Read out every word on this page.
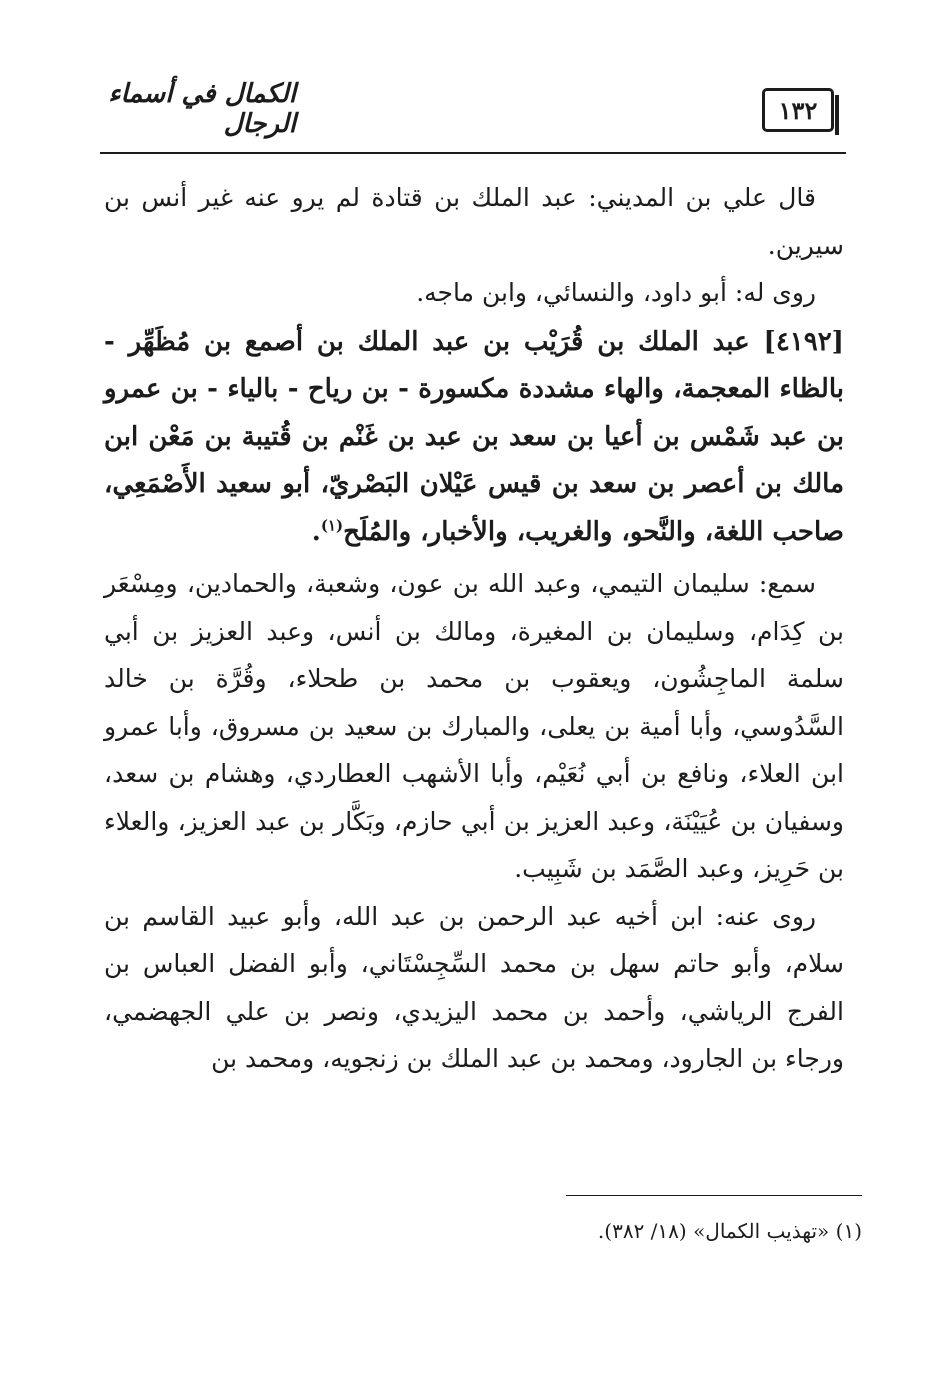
١٣٢
الكمال في أسماء الرجال

قال علي بن المديني: عبد الملك بن قتادة لم يرو عنه غير أنس بن سيرين.

روى له: أبو داود، والنسائي، وابن ماجه.

[٤١٩٢] عبد الملك بن قُرَيْب بن عبد الملك بن أصمع بن مُظَهِّر - بالظاء المعجمة، والهاء مشددة مكسورة - بن رياح - بالياء - بن عمرو بن عبد شَمْس بن أعيا بن سعد بن عبد بن غَنْم بن قُتيبة بن مَعْن ابن مالك بن أعصر بن سعد بن قيس عَيْلان البَصْريّ، أبو سعيد الأَصْمَعِي، صاحب اللغة، والنَّحو، والغريب، والأخبار، والمُلَح$^{(١)}$.

سمع: سليمان التيمي، وعبد الله بن عون، وشعبة، والحمادين، ومِسْعَر بن كِدَام، وسليمان بن المغيرة، ومالك بن أنس، وعبد العزيز بن أبي سلمة الماجِشُون، ويعقوب بن محمد بن طحلاء، وقُرَّة بن خالد السَّدُوسي، وأبا أمية بن يعلى، والمبارك بن سعيد بن مسروق، وأبا عمرو ابن العلاء، ونافع بن أبي نُعَيْم، وأبا الأشهب العطاردي، وهشام بن سعد، وسفيان بن عُيَيْنَة، وعبد العزيز بن أبي حازم، وبَكَّار بن عبد العزيز، والعلاء بن حَرِيز، وعبد الصَّمَد بن شَبِيب.

روى عنه: ابن أخيه عبد الرحمن بن عبد الله، وأبو عبيد القاسم بن سلام، وأبو حاتم سهل بن محمد السِّجِسْتَاني، وأبو الفضل العباس بن الفرج الرياشي، وأحمد بن محمد اليزيدي، ونصر بن علي الجهضمي، ورجاء بن الجارود، ومحمد بن عبد الملك بن زنجويه، ومحمد بن

(١) «تهذيب الكمال» (١٨/ ٣٨٢).
